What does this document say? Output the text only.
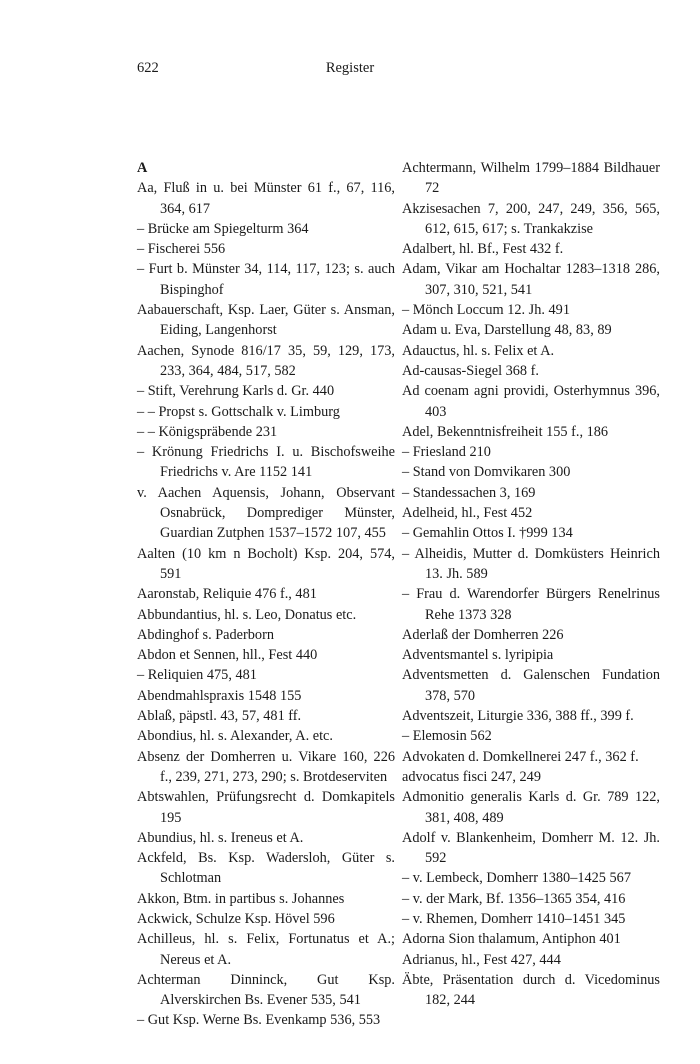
622	Register
A
Aa, Fluß in u. bei Münster 61 f., 67, 116, 364, 617
– Brücke am Spiegelturm 364
– Fischerei 556
– Furt b. Münster 34, 114, 117, 123; s. auch Bispinghof
Aabauerschaft, Ksp. Laer, Güter s. Ansman, Eiding, Langenhorst
Aachen, Synode 816/17 35, 59, 129, 173, 233, 364, 484, 517, 582
– Stift, Verehrung Karls d. Gr. 440
– – Propst s. Gottschalk v. Limburg
– – Königspräbende 231
– Krönung Friedrichs I. u. Bischofsweihe Friedrichs v. Are 1152 141
v. Aachen Aquensis, Johann, Observant Osnabrück, Domprediger Münster, Guardian Zutphen 1537–1572 107, 455
Aalten (10 km n Bocholt) Ksp. 204, 574, 591
Aaronstab, Reliquie 476 f., 481
Abbundantius, hl. s. Leo, Donatus etc.
Abdinghof s. Paderborn
Abdon et Sennen, hll., Fest 440
– Reliquien 475, 481
Abendmahlspraxis 1548 155
Ablaß, päpstl. 43, 57, 481 ff.
Abondius, hl. s. Alexander, A. etc.
Absenz der Domherren u. Vikare 160, 226 f., 239, 271, 273, 290; s. Brotdeserviten
Abtswahlen, Prüfungsrecht d. Domkapitels 195
Abundius, hl. s. Ireneus et A.
Ackfeld, Bs. Ksp. Wadersloh, Güter s. Schlotman
Akkon, Btm. in partibus s. Johannes
Ackwick, Schulze Ksp. Hövel 596
Achilleus, hl. s. Felix, Fortunatus et A.; Nereus et A.
Achterman Dinninck, Gut Ksp. Alverskirchen Bs. Evener 535, 541
– Gut Ksp. Werne Bs. Evenkamp 536, 553
Achtermann, Wilhelm 1799–1884 Bildhauer 72
Akzisesachen 7, 200, 247, 249, 356, 565, 612, 615, 617; s. Trankakzise
Adalbert, hl. Bf., Fest 432 f.
Adam, Vikar am Hochaltar 1283–1318 286, 307, 310, 521, 541
– Mönch Loccum 12. Jh. 491
Adam u. Eva, Darstellung 48, 83, 89
Adauctus, hl. s. Felix et A.
Ad-causas-Siegel 368 f.
Ad coenam agni providi, Osterhymnus 396, 403
Adel, Bekenntnisfreiheit 155 f., 186
– Friesland 210
– Stand von Domvikaren 300
– Standessachen 3, 169
Adelheid, hl., Fest 452
– Gemahlin Ottos I. †999 134
– Alheidis, Mutter d. Domküsters Heinrich 13. Jh. 589
– Frau d. Warendorfer Bürgers Renelrinus Rehe 1373 328
Aderlaß der Domherren 226
Adventsmantel s. lyripipia
Adventsmetten d. Galenschen Fundation 378, 570
Adventszeit, Liturgie 336, 388 ff., 399 f.
– Elemosin 562
Advokaten d. Domkellnerei 247 f., 362 f.
advocatus fisci 247, 249
Admonitio generalis Karls d. Gr. 789 122, 381, 408, 489
Adolf v. Blankenheim, Domherr M. 12. Jh. 592
– v. Lembeck, Domherr 1380–1425 567
– v. der Mark, Bf. 1356–1365 354, 416
– v. Rhemen, Domherr 1410–1451 345
Adorna Sion thalamum, Antiphon 401
Adrianus, hl., Fest 427, 444
Äbte, Präsentation durch d. Vicedominus 182, 244
